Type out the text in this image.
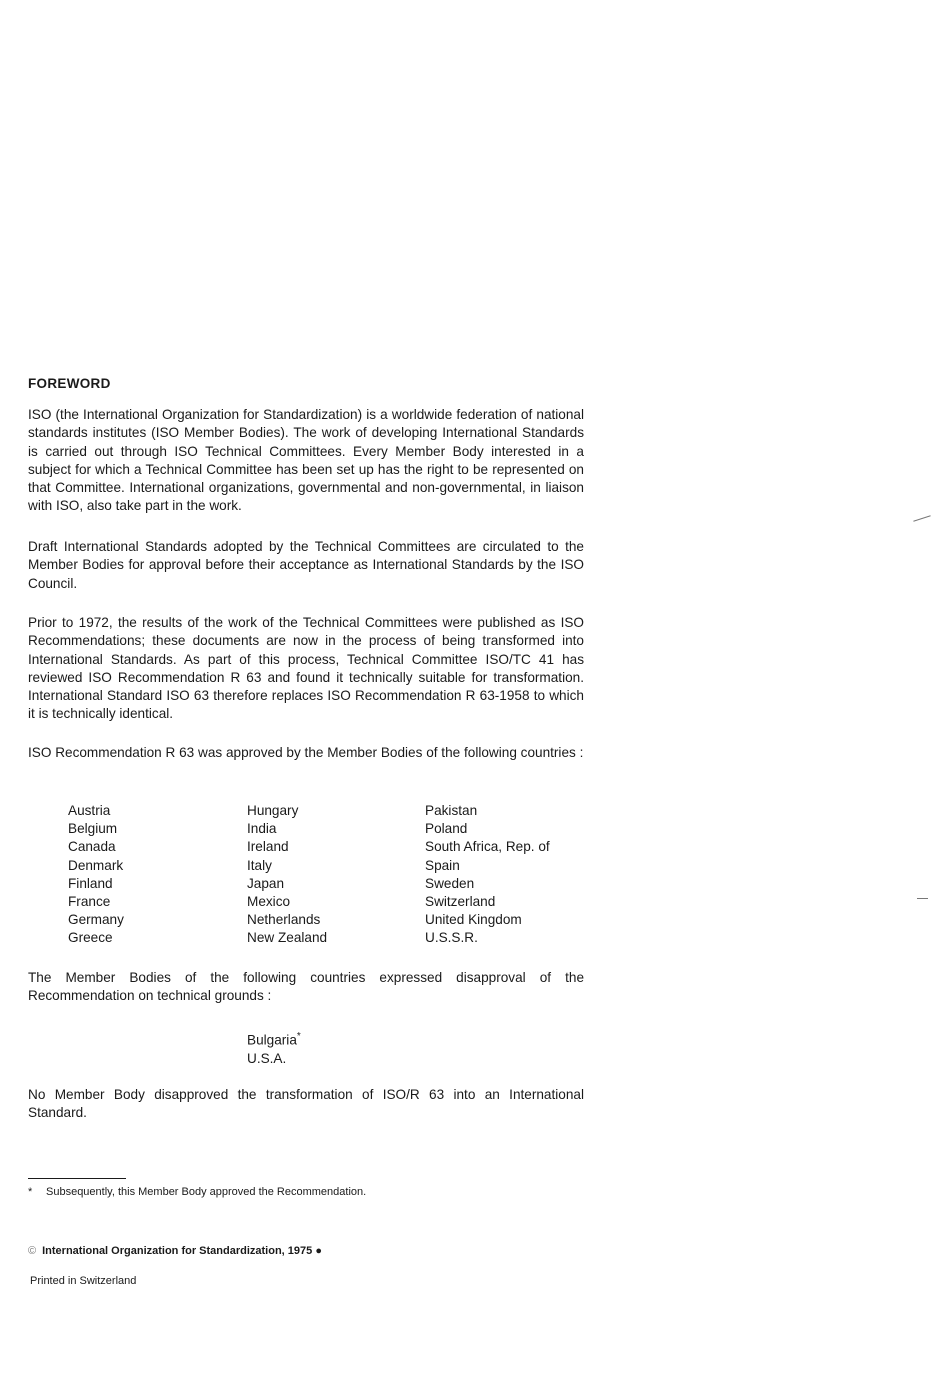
FOREWORD

ISO (the International Organization for Standardization) is a worldwide federation of national standards institutes (ISO Member Bodies). The work of developing International Standards is carried out through ISO Technical Committees. Every Member Body interested in a subject for which a Technical Committee has been set up has the right to be represented on that Committee. International organizations, governmental and non-governmental, in liaison with ISO, also take part in the work.

Draft International Standards adopted by the Technical Committees are circulated to the Member Bodies for approval before their acceptance as International Standards by the ISO Council.

Prior to 1972, the results of the work of the Technical Committees were published as ISO Recommendations; these documents are now in the process of being transformed into International Standards. As part of this process, Technical Committee ISO/TC 41 has reviewed ISO Recommendation R 63 and found it technically suitable for transformation. International Standard ISO 63 therefore replaces ISO Recommendation R 63-1958 to which it is technically identical.

ISO Recommendation R 63 was approved by the Member Bodies of the following countries :

Austria
Belgium
Canada
Denmark
Finland
France
Germany
Greece
Hungary
India
Ireland
Italy
Japan
Mexico
Netherlands
New Zealand
Pakistan
Poland
South Africa, Rep. of
Spain
Sweden
Switzerland
United Kingdom
U.S.S.R.

The Member Bodies of the following countries expressed disapproval of the Recommendation on technical grounds :

Bulgaria*
U.S.A.

No Member Body disapproved the transformation of ISO/R 63 into an International Standard.

* Subsequently, this Member Body approved the Recommendation.
© International Organization for Standardization, 1975 ●
Printed in Switzerland
